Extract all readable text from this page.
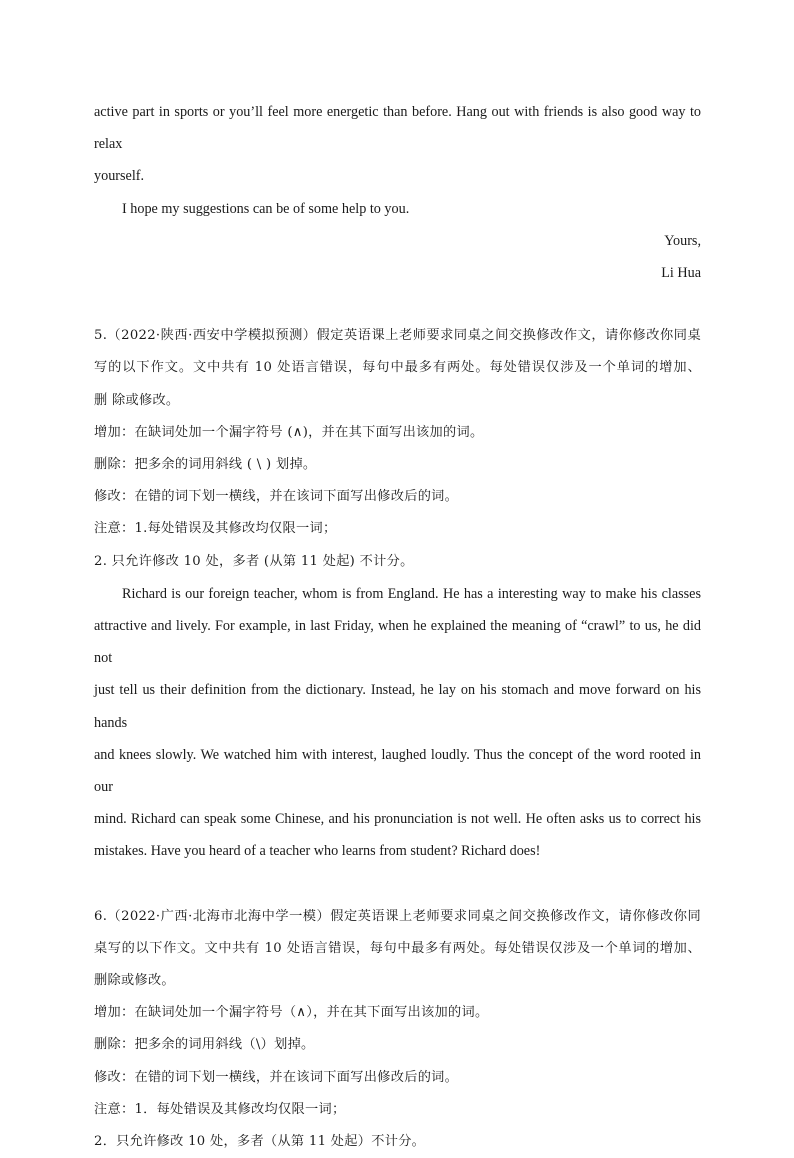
active part in sports or you’ll feel more energetic than before. Hang out with friends is also good way to relax

yourself.

I hope my suggestions can be of some help to you.

Yours,

Li Hua

5.（2022·陕西·西安中学模拟预测）假定英语课上老师要求同桌之间交换修改作文，请你修改你同桌

写的以下作文。文中共有 10 处语言错误，每句中最多有两处。每处错误仅涉及一个单词的增加、

删 除或修改。

增加：在缺词处加一个漏字符号 (∧)，并在其下面写出该加的词。

删除：把多余的词用斜线 ( \ ) 划掉。

修改：在错的词下划一横线，并在该词下面写出修改后的词。

注意：1.每处错误及其修改均仅限一词；

2. 只允许修改 10 处，多者 (从第 11 处起) 不计分。

Richard is our foreign teacher, whom is from England. He has a interesting way to make his classes

attractive and lively. For example, in last Friday, when he explained the meaning of “crawl” to us, he did not

just tell us their definition from the dictionary. Instead, he lay on his stomach and move forward on his hands

and knees slowly. We watched him with interest, laughed loudly. Thus the concept of the word rooted in our

mind. Richard can speak some Chinese, and his pronunciation is not well. He often asks us to correct his

mistakes. Have you heard of a teacher who learns from student? Richard does!

6.（2022·广西·北海市北海中学一模）假定英语课上老师要求同桌之间交换修改作文，请你修改你同

桌写的以下作文。文中共有 10 处语言错误，每句中最多有两处。每处错误仅涉及一个单词的增加、

删除或修改。

增加：在缺词处加一个漏字符号（∧），并在其下面写出该加的词。

删除：把多余的词用斜线（\）划掉。

修改：在错的词下划一横线，并在该词下面写出修改后的词。

注意：1．每处错误及其修改均仅限一词；

2．只允许修改 10 处，多者（从第 11 处起）不计分。
